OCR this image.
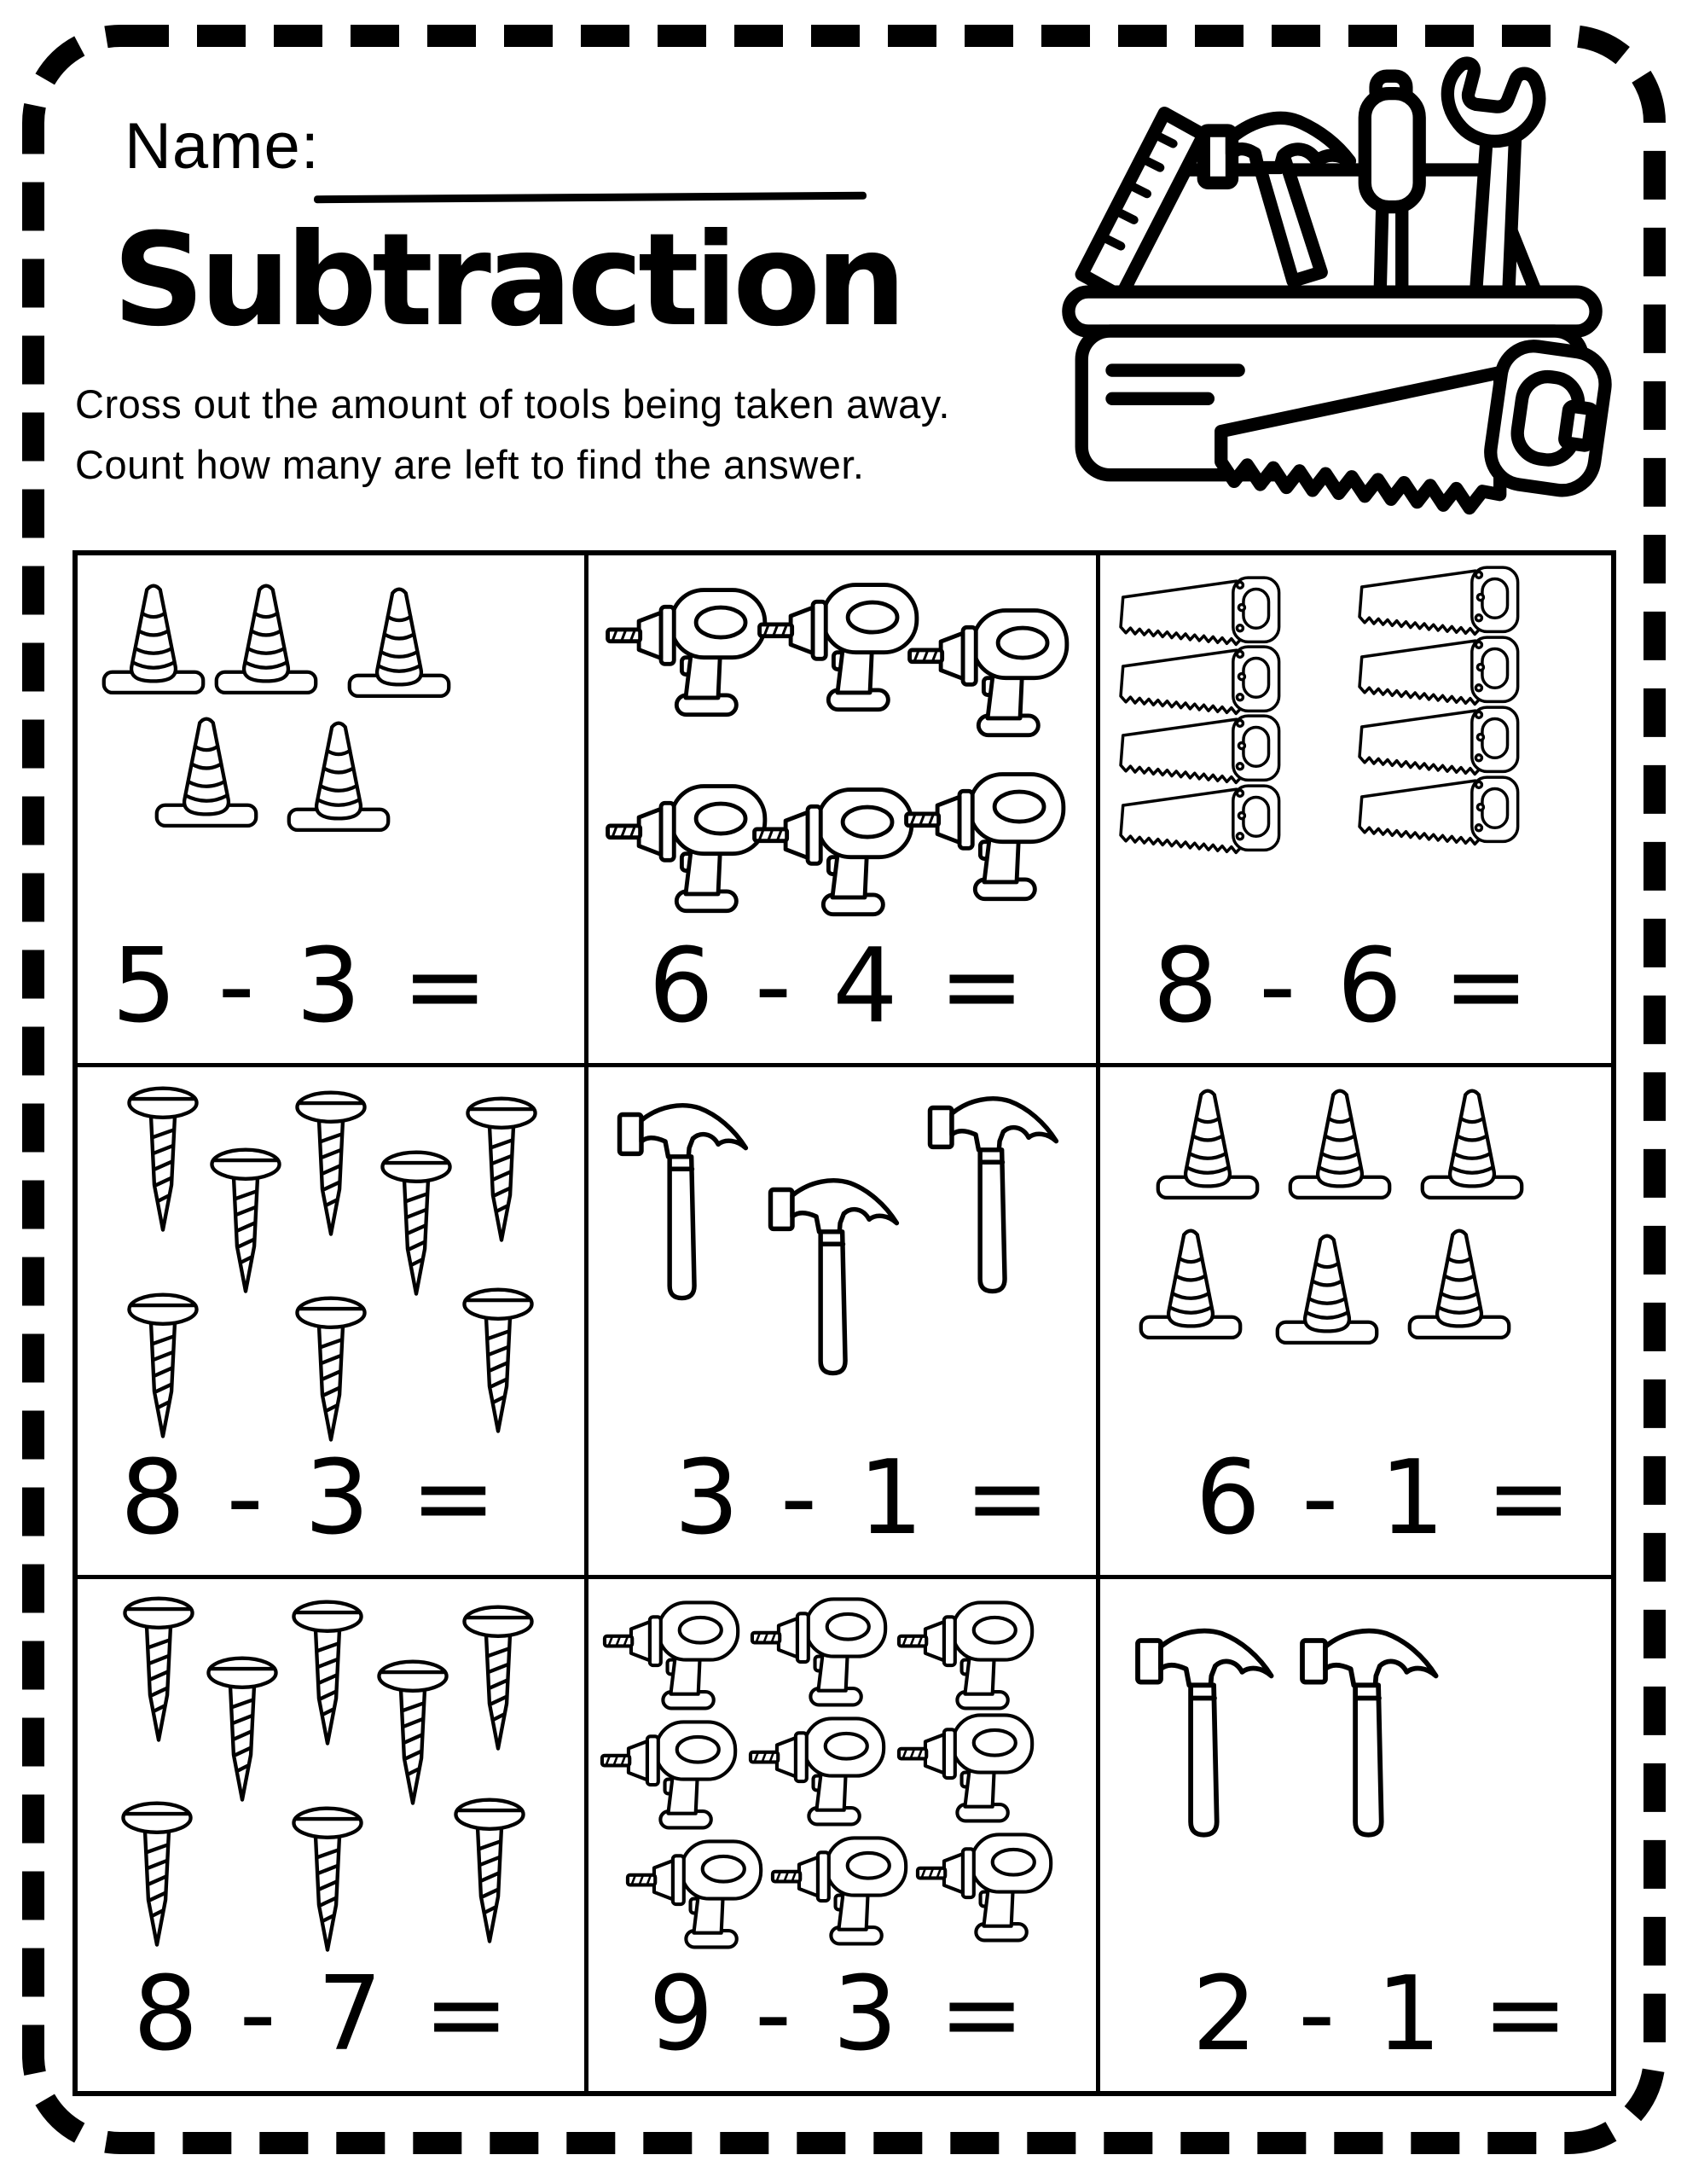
Name:
Subtraction
Cross out the amount of tools being taken away.
Count how many are left to find the answer.
5 - 3 = 6 - 4 = 8 - 6 =
8 - 3 = 3 - 1 = 6 - 1 =
8 - 7 = 9 - 3 = 2 - 1 =
